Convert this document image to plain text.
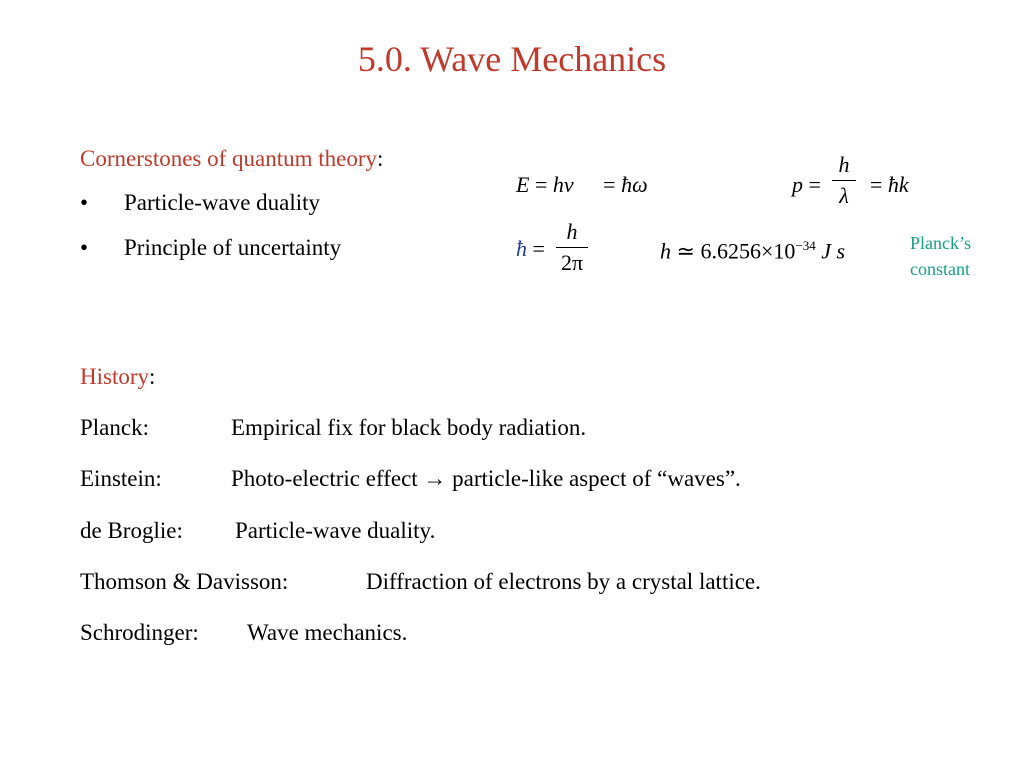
5.0. Wave Mechanics
Cornerstones of quantum theory:
• Particle-wave duality
• Principle of uncertainty
E = hν = ħω	p =
h
λ = ħk
ħ =
h
2π	h ≃ $6.6256\times 10^{-34}$ J s	Planck’s
constant
History:
Planck:	Empirical fix for black body radiation.
Einstein:	Photo-electric effect → particle-like aspect of “waves”.
de Broglie: Particle-wave duality.
Thomson & Davisson:	Diffraction of electrons by a crystal lattice.
Schrodinger: Wave mechanics.
